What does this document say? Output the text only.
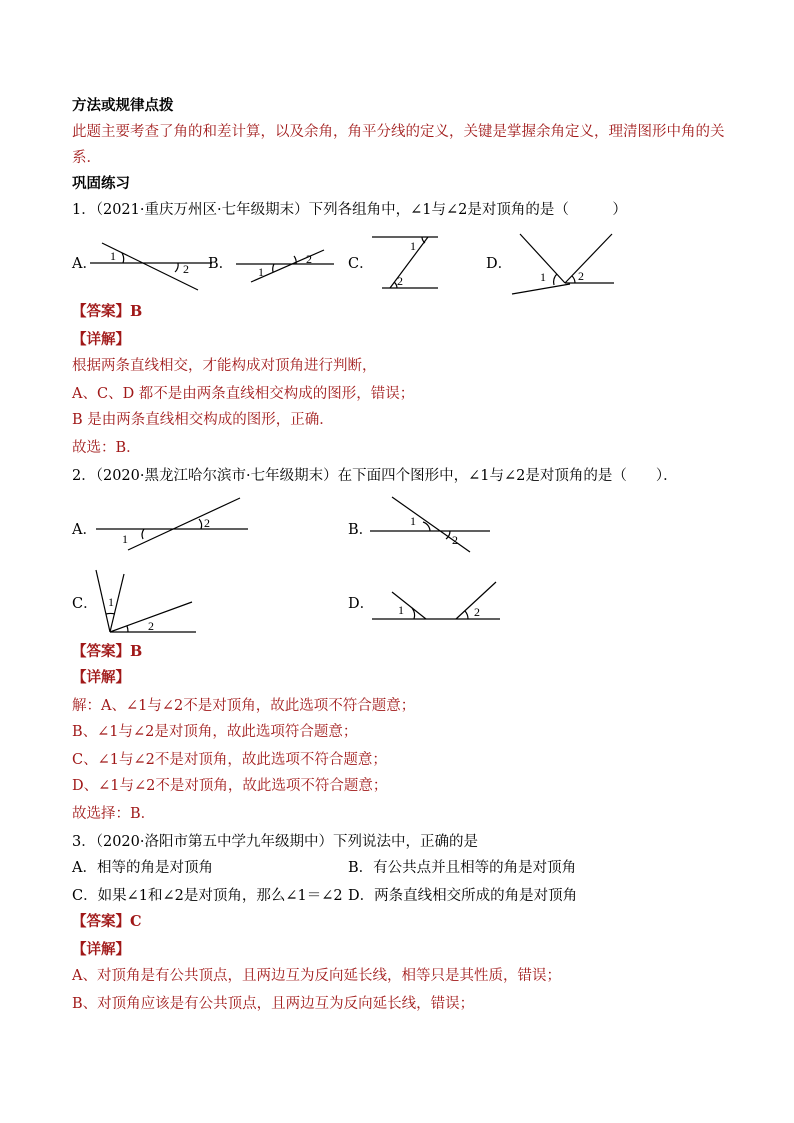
方法或规律点拨
此题主要考查了角的和差计算，以及余角，角平分线的定义，关键是掌握余角定义，理清图形中角的关
系．
巩固练习
1．（2021·重庆万州区·七年级期末）下列各组角中，∠1与∠2是对顶角的是（　　　）
A． 1
2 B． 1
2 C．
1
2
D．
1	2
【答案】B
【详解】
根据两条直线相交，才能构成对顶角进行判断，
A、C、D 都不是由两条直线相交构成的图形，错误；
B 是由两条直线相交构成的图形，正确．
故选：B．
2．（2020·黑龙江哈尔滨市·七年级期末）在下面四个图形中，∠1与∠2是对顶角的是（　　）．
A．
1
2	B．
1
2
C． 1
2
D． 1	2
【答案】B
【详解】
解：A、∠1与∠2不是对顶角，故此选项不符合题意；
B、∠1与∠2是对顶角，故此选项符合题意；
C、∠1与∠2不是对顶角，故此选项不符合题意；
D、∠1与∠2不是对顶角，故此选项不符合题意；
故选择：B．
3．（2020·洛阳市第五中学九年级期中）下列说法中，正确的是
A．相等的角是对顶角	B．有公共点并且相等的角是对顶角
C．如果∠1和∠2是对顶角，那么∠1＝∠2 D．两条直线相交所成的角是对顶角
【答案】C
【详解】
A、对顶角是有公共顶点，且两边互为反向延长线，相等只是其性质，错误；
B、对顶角应该是有公共顶点，且两边互为反向延长线，错误；
